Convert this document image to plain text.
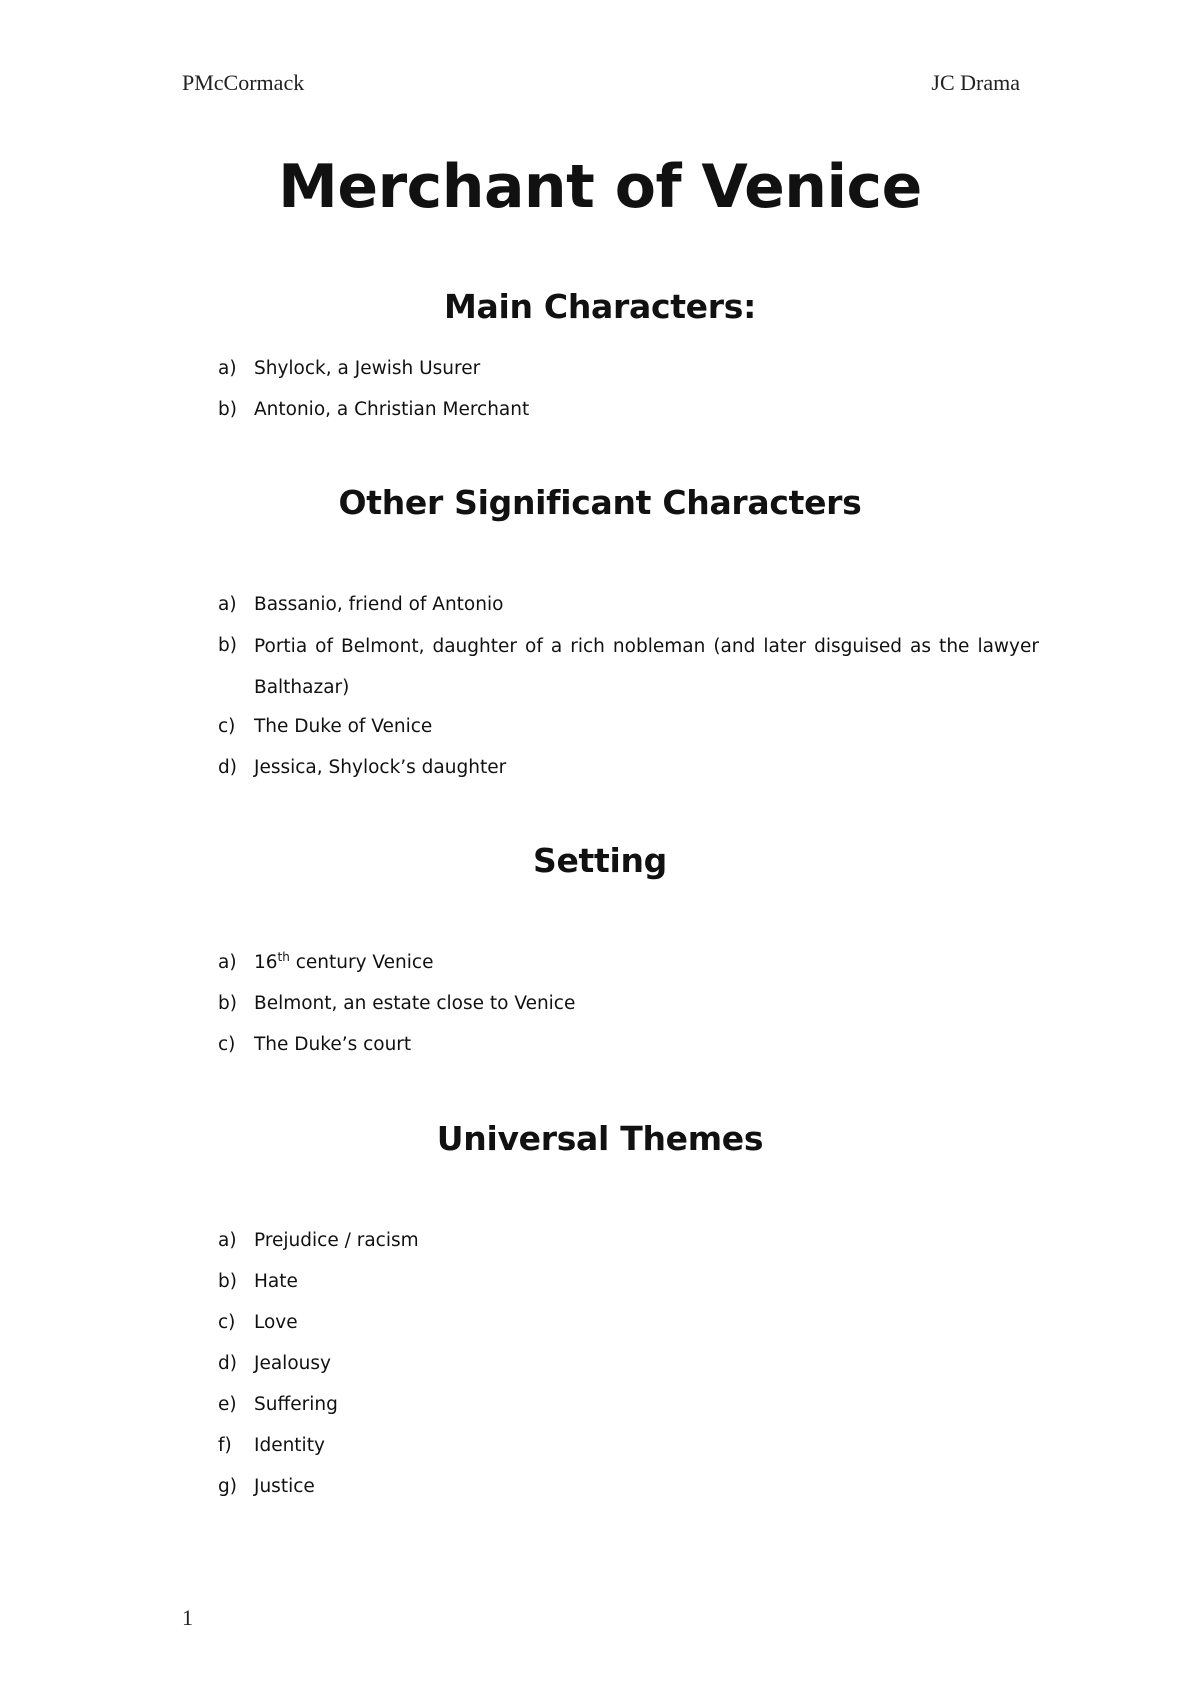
PMcCormack	JC Drama
Merchant of Venice
Main Characters:
a) Shylock, a Jewish Usurer
b) Antonio, a Christian Merchant
Other Significant Characters
a) Bassanio, friend of Antonio
b) Portia of Belmont, daughter of a rich nobleman (and later disguised as the lawyer Balthazar)
c)	The Duke of Venice
d) Jessica, Shylock’s daughter
Setting
a) 16th century Venice
b) Belmont, an estate close to Venice
c)	The Duke’s court
Universal Themes
a) Prejudice / racism
b) Hate
c)	Love
d) Jealousy
e) Suffering
f)	Identity
g) Justice
1
